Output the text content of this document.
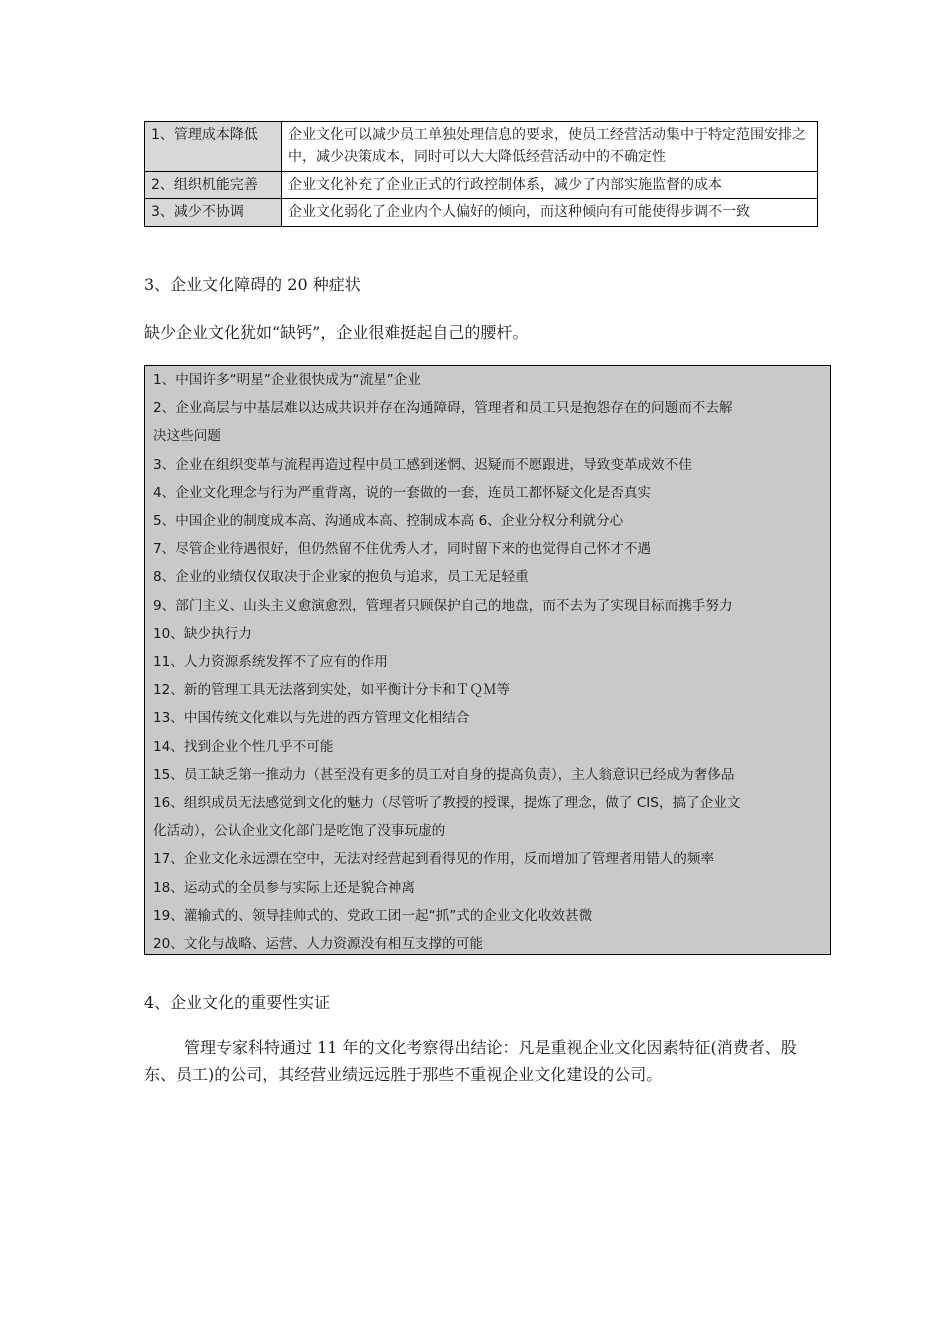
1、管理成本降低	企业文化可以减少员工单独处理信息的要求，使员工经营活动集中于特定范围安排之中，减少决策成本，同时可以大大降低经营活动中的不确定性
2、组织机能完善	企业文化补充了企业正式的行政控制体系，减少了内部实施监督的成本
3、减少不协调	企业文化弱化了企业内个人偏好的倾向，而这种倾向有可能使得步调不一致
3、企业文化障碍的 20 种症状
缺少企业文化犹如“缺钙”，企业很难挺起自己的腰杆。
1、中国许多“明星”企业很快成为“流星”企业
2、企业高层与中基层难以达成共识并存在沟通障碍，管理者和员工只是抱怨存在的问题而不去解
决这些问题
3、企业在组织变革与流程再造过程中员工感到迷惘、迟疑而不愿跟进，导致变革成效不佳
4、企业文化理念与行为严重背离，说的一套做的一套，连员工都怀疑文化是否真实
5、中国企业的制度成本高、沟通成本高、控制成本高 6、企业分权分利就分心
7、尽管企业待遇很好，但仍然留不住优秀人才，同时留下来的也觉得自己怀才不遇
8、企业的业绩仅仅取决于企业家的抱负与追求，员工无足轻重
9、部门主义、山头主义愈演愈烈，管理者只顾保护自己的地盘，而不去为了实现目标而携手努力
10、缺少执行力
11、人力资源系统发挥不了应有的作用
12、新的管理工具无法落到实处，如平衡计分卡和ＴＱＭ等
13、中国传统文化难以与先进的西方管理文化相结合
14、找到企业个性几乎不可能
15、员工缺乏第一推动力（甚至没有更多的员工对自身的提高负责），主人翁意识已经成为奢侈品
16、组织成员无法感觉到文化的魅力（尽管听了教授的授课，提炼了理念，做了 CIS，搞了企业文
化活动），公认企业文化部门是吃饱了没事玩虚的
17、企业文化永远漂在空中，无法对经营起到看得见的作用，反而增加了管理者用错人的频率
18、运动式的全员参与实际上还是貌合神离
19、灌输式的、领导挂帅式的、党政工团一起“抓”式的企业文化收效甚微
20、文化与战略、运营、人力资源没有相互支撑的可能
4、企业文化的重要性实证
管理专家科特通过 11 年的文化考察得出结论：凡是重视企业文化因素特征(消费者、股东、员工)的公司，其经营业绩远远胜于那些不重视企业文化建设的公司。
